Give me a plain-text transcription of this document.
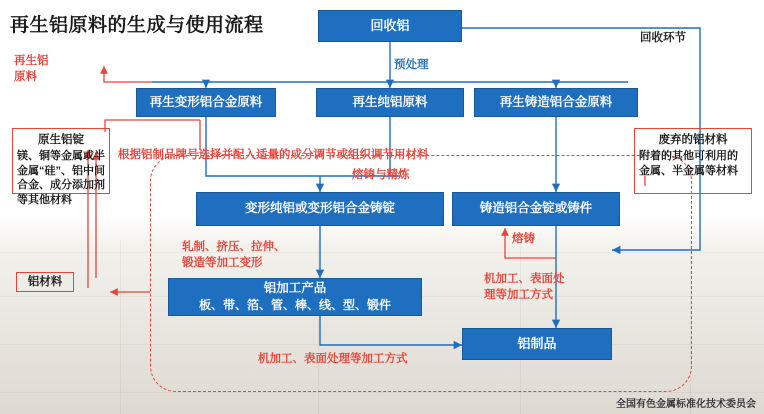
再生铝原料的生成与使用流程	回收铝
再生变形铝合金原料	再生纯铝原料	再生铸造铝合金原料
变形纯铝或变形铝合金铸锭	铸造铝合金锭或铸件
铝加工产品
板、带、箔、管、棒、线、型、锻件
铝制品
原生铝锭
镁、铜等金属或半金属“硅”、铝中间合金、成分添加剂等其他材料
废弃的铝材料
附着的其他可利用的金属、半金属等材料
铝材料
再生铝
原料
回收环节
预处理
根据铝制品牌号选择并配入适量的成分调节或组织调节用材料
熔铸与精炼
熔铸
轧制、挤压、拉伸、
锻造等加工变形
机加工、表面处
理等加工方式
机加工、表面处理等加工方式
全国有色金属标准化技术委员会
